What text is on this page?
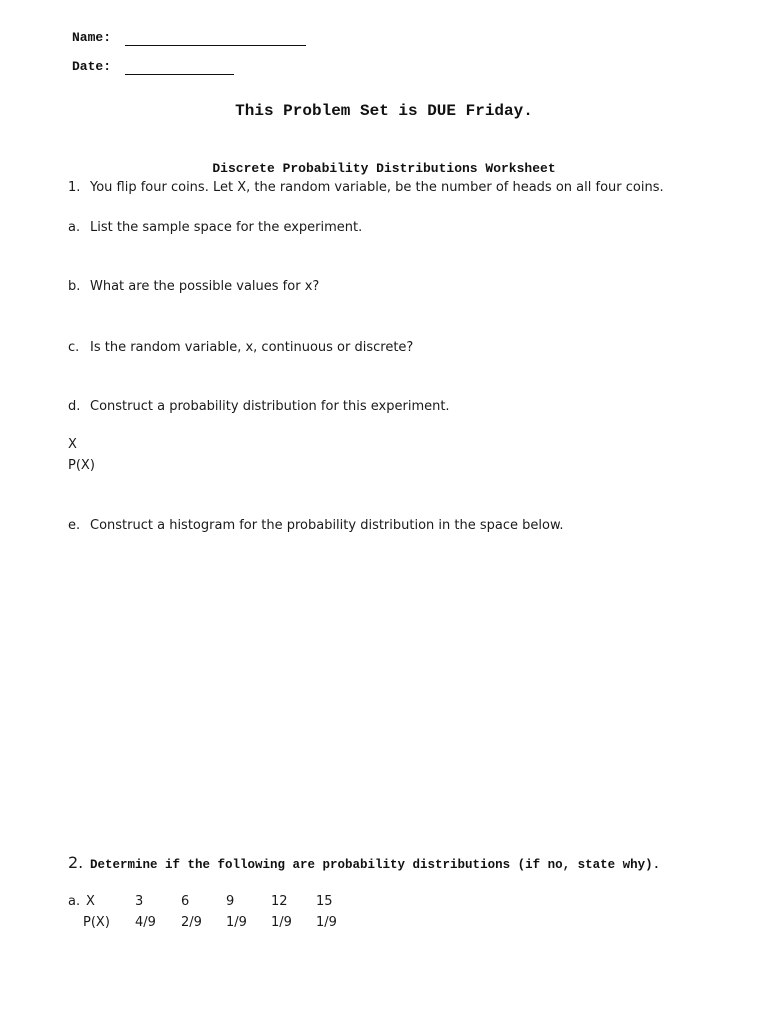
Name:
Date:
This Problem Set is DUE Friday.
Discrete Probability Distributions Worksheet
1. You flip four coins. Let X, the random variable, be the number of heads on all four coins.
a. List the sample space for the experiment.
b. What are the possible values for x?
c. Is the random variable, x, continuous or discrete?
d. Construct a probability distribution for this experiment.
X
P(X)
e. Construct a histogram for the probability distribution in the space below.
2. Determine if the following are probability distributions (if no, state why).
a. X	3	6	9	12 15
P(X) 4/9 2/9 1/9 1/9 1/9
